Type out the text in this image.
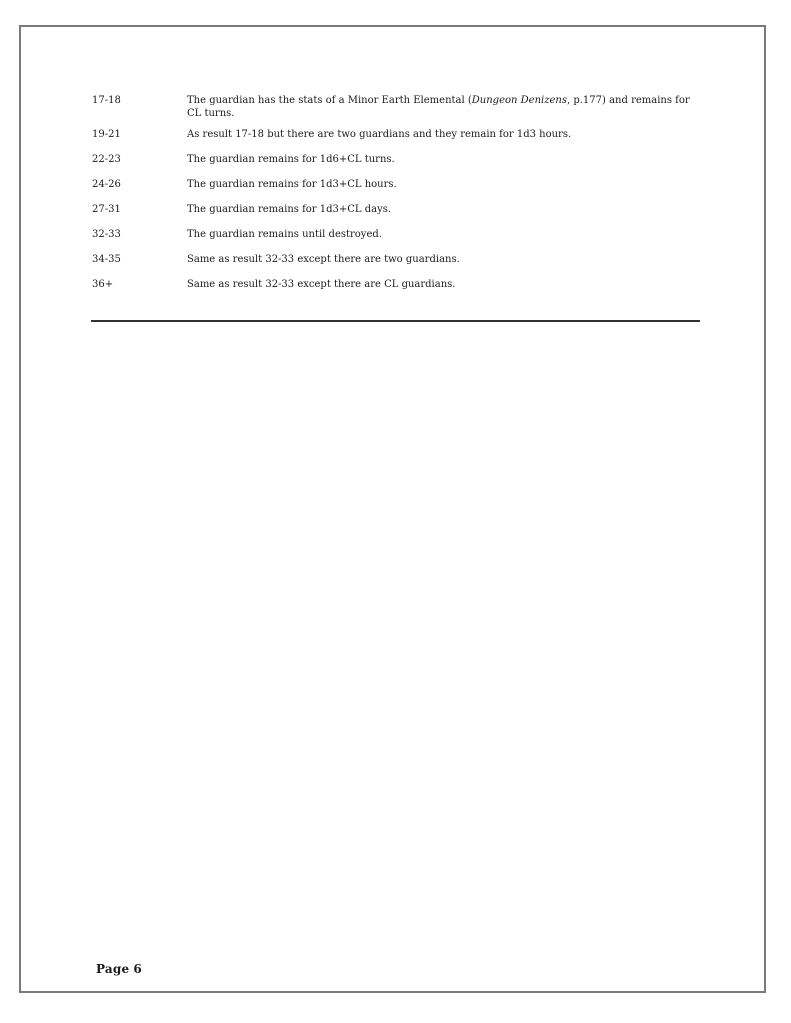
17-18	The guardian has the stats of a Minor Earth Elemental (Dungeon Denizens, p.177) and remains for CL turns.
19-21	As result 17-18 but there are two guardians and they remain for 1d3 hours.
22-23	The guardian remains for 1d6+CL turns.
24-26	The guardian remains for 1d3+CL hours.
27-31	The guardian remains for 1d3+CL days.
32-33	The guardian remains until destroyed.
34-35	Same as result 32-33 except there are two guardians.
36+	Same as result 32-33 except there are CL guardians.
Page 6
